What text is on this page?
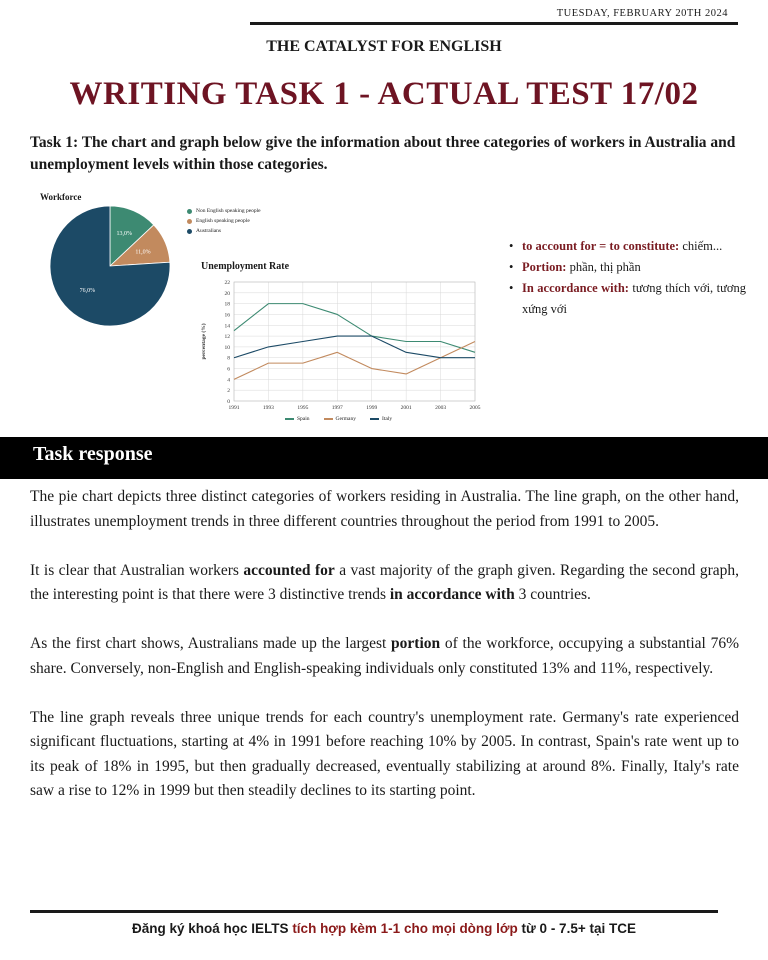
TUESDAY, FEBRUARY 20TH 2024
THE CATALYST FOR ENGLISH
WRITING TASK 1 - ACTUAL TEST 17/02
Task 1: The chart and graph below give the information about three categories of workers in Australia and unemployment levels within those categories.
Workforce
13,0%
11,0%
76,0%
Non English speaking people
English speaking people
Australians
Unemployment Rate
0
2
4
6
8
10
12
14
16
18
20
22
1991	1993	1995	1997	1999	2001	2003	2005
percentage (%)
Spain	Germany	Italy
• to account for = to constitute: chiếm...
• Portion: phần, thị phần
• In accordance with: tương thích với, tương xứng với
Task response

The pie chart depicts three distinct categories of workers residing in Australia. The line graph, on the other hand, illustrates unemployment trends in three different countries throughout the period from 1991 to 2005.

It is clear that Australian workers accounted for a vast majority of the graph given. Regarding the second graph, the interesting point is that there were 3 distinctive trends in accordance with 3 countries.

As the first chart shows, Australians made up the largest portion of the workforce, occupying a substantial 76% share. Conversely, non-English and English-speaking individuals only constituted 13% and 11%, respectively.

The line graph reveals three unique trends for each country's unemployment rate. Germany's rate experienced significant fluctuations, starting at 4% in 1991 before reaching 10% by 2005. In contrast, Spain's rate went up to its peak of 18% in 1995, but then gradually decreased, eventually stabilizing at around 8%. Finally, Italy's rate saw a rise to 12% in 1999 but then steadily declines to its starting point.

Đăng ký khoá học IELTS tích hợp kèm 1-1 cho mọi dòng lớp từ 0 - 7.5+ tại TCE
